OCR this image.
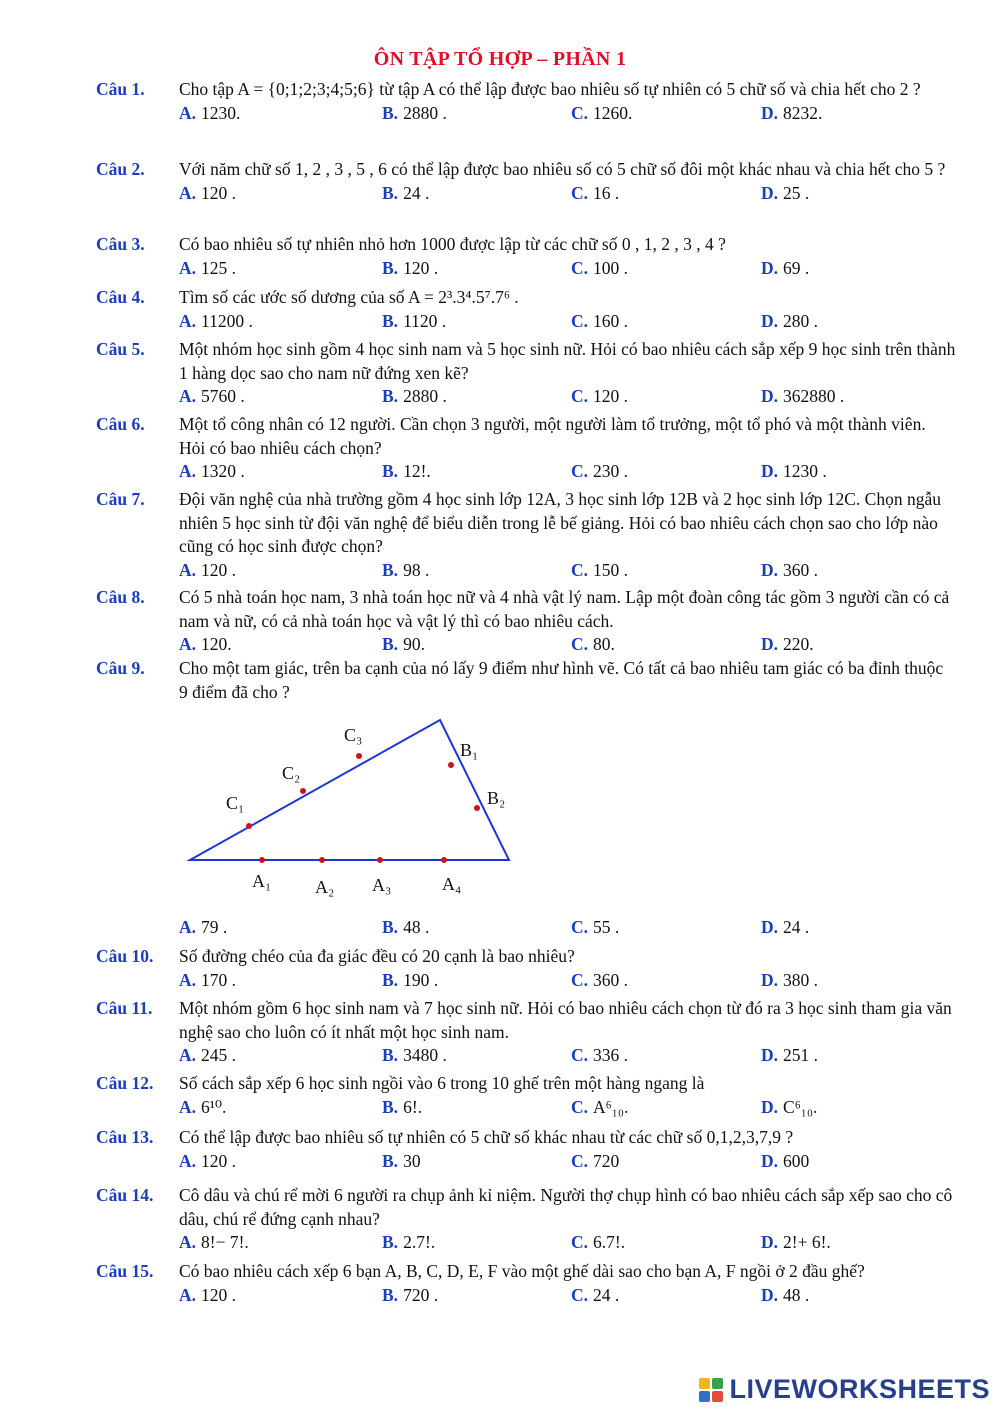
ÔN TẬP TỔ HỢP – PHẦN 1
Câu 1. Cho tập A = {0;1;2;3;4;5;6} từ tập A có thể lập được bao nhiêu số tự nhiên có 5 chữ số và chia hết cho 2 ?
A. 1230.	B. 2880 .	C. 1260.	D. 8232.
Câu 2. Với năm chữ số 1, 2 , 3 , 5 , 6 có thể lập được bao nhiêu số có 5 chữ số đôi một khác nhau và chia hết cho 5 ?
A. 120 .	B. 24 .	C. 16 .	D. 25 .
Câu 3. Có bao nhiêu số tự nhiên nhỏ hơn 1000 được lập từ các chữ số 0 , 1, 2 , 3 , 4 ?
A. 125 .	B. 120 .	C. 100 .	D. 69 .
Câu 4. Tìm số các ước số dương của số A = 2³.3⁴.5⁷.7⁶ .
A. 11200 .	B. 1120 .	C. 160 .	D. 280 .
Câu 5. Một nhóm học sinh gồm 4 học sinh nam và 5 học sinh nữ. Hỏi có bao nhiêu cách sắp xếp 9 học sinh trên thành 1 hàng dọc sao cho nam nữ đứng xen kẽ?
A. 5760 .	B. 2880 .	C. 120 .	D. 362880 .
Câu 6. Một tổ công nhân có 12 người. Cần chọn 3 người, một người làm tổ trưởng, một tổ phó và một thành viên. Hỏi có bao nhiêu cách chọn?
A. 1320 .	B. 12!.	C. 230 .	D. 1230 .
Câu 7. Đội văn nghệ của nhà trường gồm 4 học sinh lớp 12A, 3 học sinh lớp 12B và 2 học sinh lớp 12C. Chọn ngẫu nhiên 5 học sinh từ đội văn nghệ để biểu diễn trong lễ bế giảng. Hỏi có bao nhiêu cách chọn sao cho lớp nào cũng có học sinh được chọn?
A. 120 .	B. 98 .	C. 150 .	D. 360 .
Câu 8. Có 5 nhà toán học nam, 3 nhà toán học nữ và 4 nhà vật lý nam. Lập một đoàn công tác gồm 3 người cần có cả nam và nữ, có cả nhà toán học và vật lý thì có bao nhiêu cách.
A. 120.	B. 90.	C. 80.	D. 220.
Câu 9. Cho một tam giác, trên ba cạnh của nó lấy 9 điểm như hình vẽ. Có tất cả bao nhiêu tam giác có ba đỉnh thuộc 9 điểm đã cho ?
A. 79 .	B. 48 .	C. 55 .	D. 24 .
Câu 10. Số đường chéo của đa giác đều có 20 cạnh là bao nhiêu?
A. 170 .	B. 190 .	C. 360 .	D. 380 .
Câu 11. Một nhóm gồm 6 học sinh nam và 7 học sinh nữ. Hỏi có bao nhiêu cách chọn từ đó ra 3 học sinh tham gia văn nghệ sao cho luôn có ít nhất một học sinh nam.
A. 245 .	B. 3480 .	C. 336 .	D. 251 .
Câu 12. Số cách sắp xếp 6 học sinh ngồi vào 6 trong 10 ghế trên một hàng ngang là
A. 6¹⁰.	B. 6!.	C. A⁶₁₀.	D. C⁶₁₀.
Câu 13. Có thể lập được bao nhiêu số tự nhiên có 5 chữ số khác nhau từ các chữ số 0,1,2,3,7,9 ?
A. 120 .	B. 30	C. 720	D. 600
Câu 14. Cô dâu và chú rể mời 6 người ra chụp ảnh kỉ niệm. Người thợ chụp hình có bao nhiêu cách sắp xếp sao cho cô dâu, chú rể đứng cạnh nhau?
A. 8!− 7!.	B. 2.7!.	C. 6.7!.	D. 2!+ 6!.
Câu 15. Có bao nhiêu cách xếp 6 bạn A, B, C, D, E, F vào một ghế dài sao cho bạn A, F ngồi ở 2 đầu ghế?
A. 120 .	B. 720 .	C. 24 .	D. 48 .
C₁
C₂
C₃
B₁
B₂
A₁ A₂ A₃	A₄
LIVEWORKSHEETS
